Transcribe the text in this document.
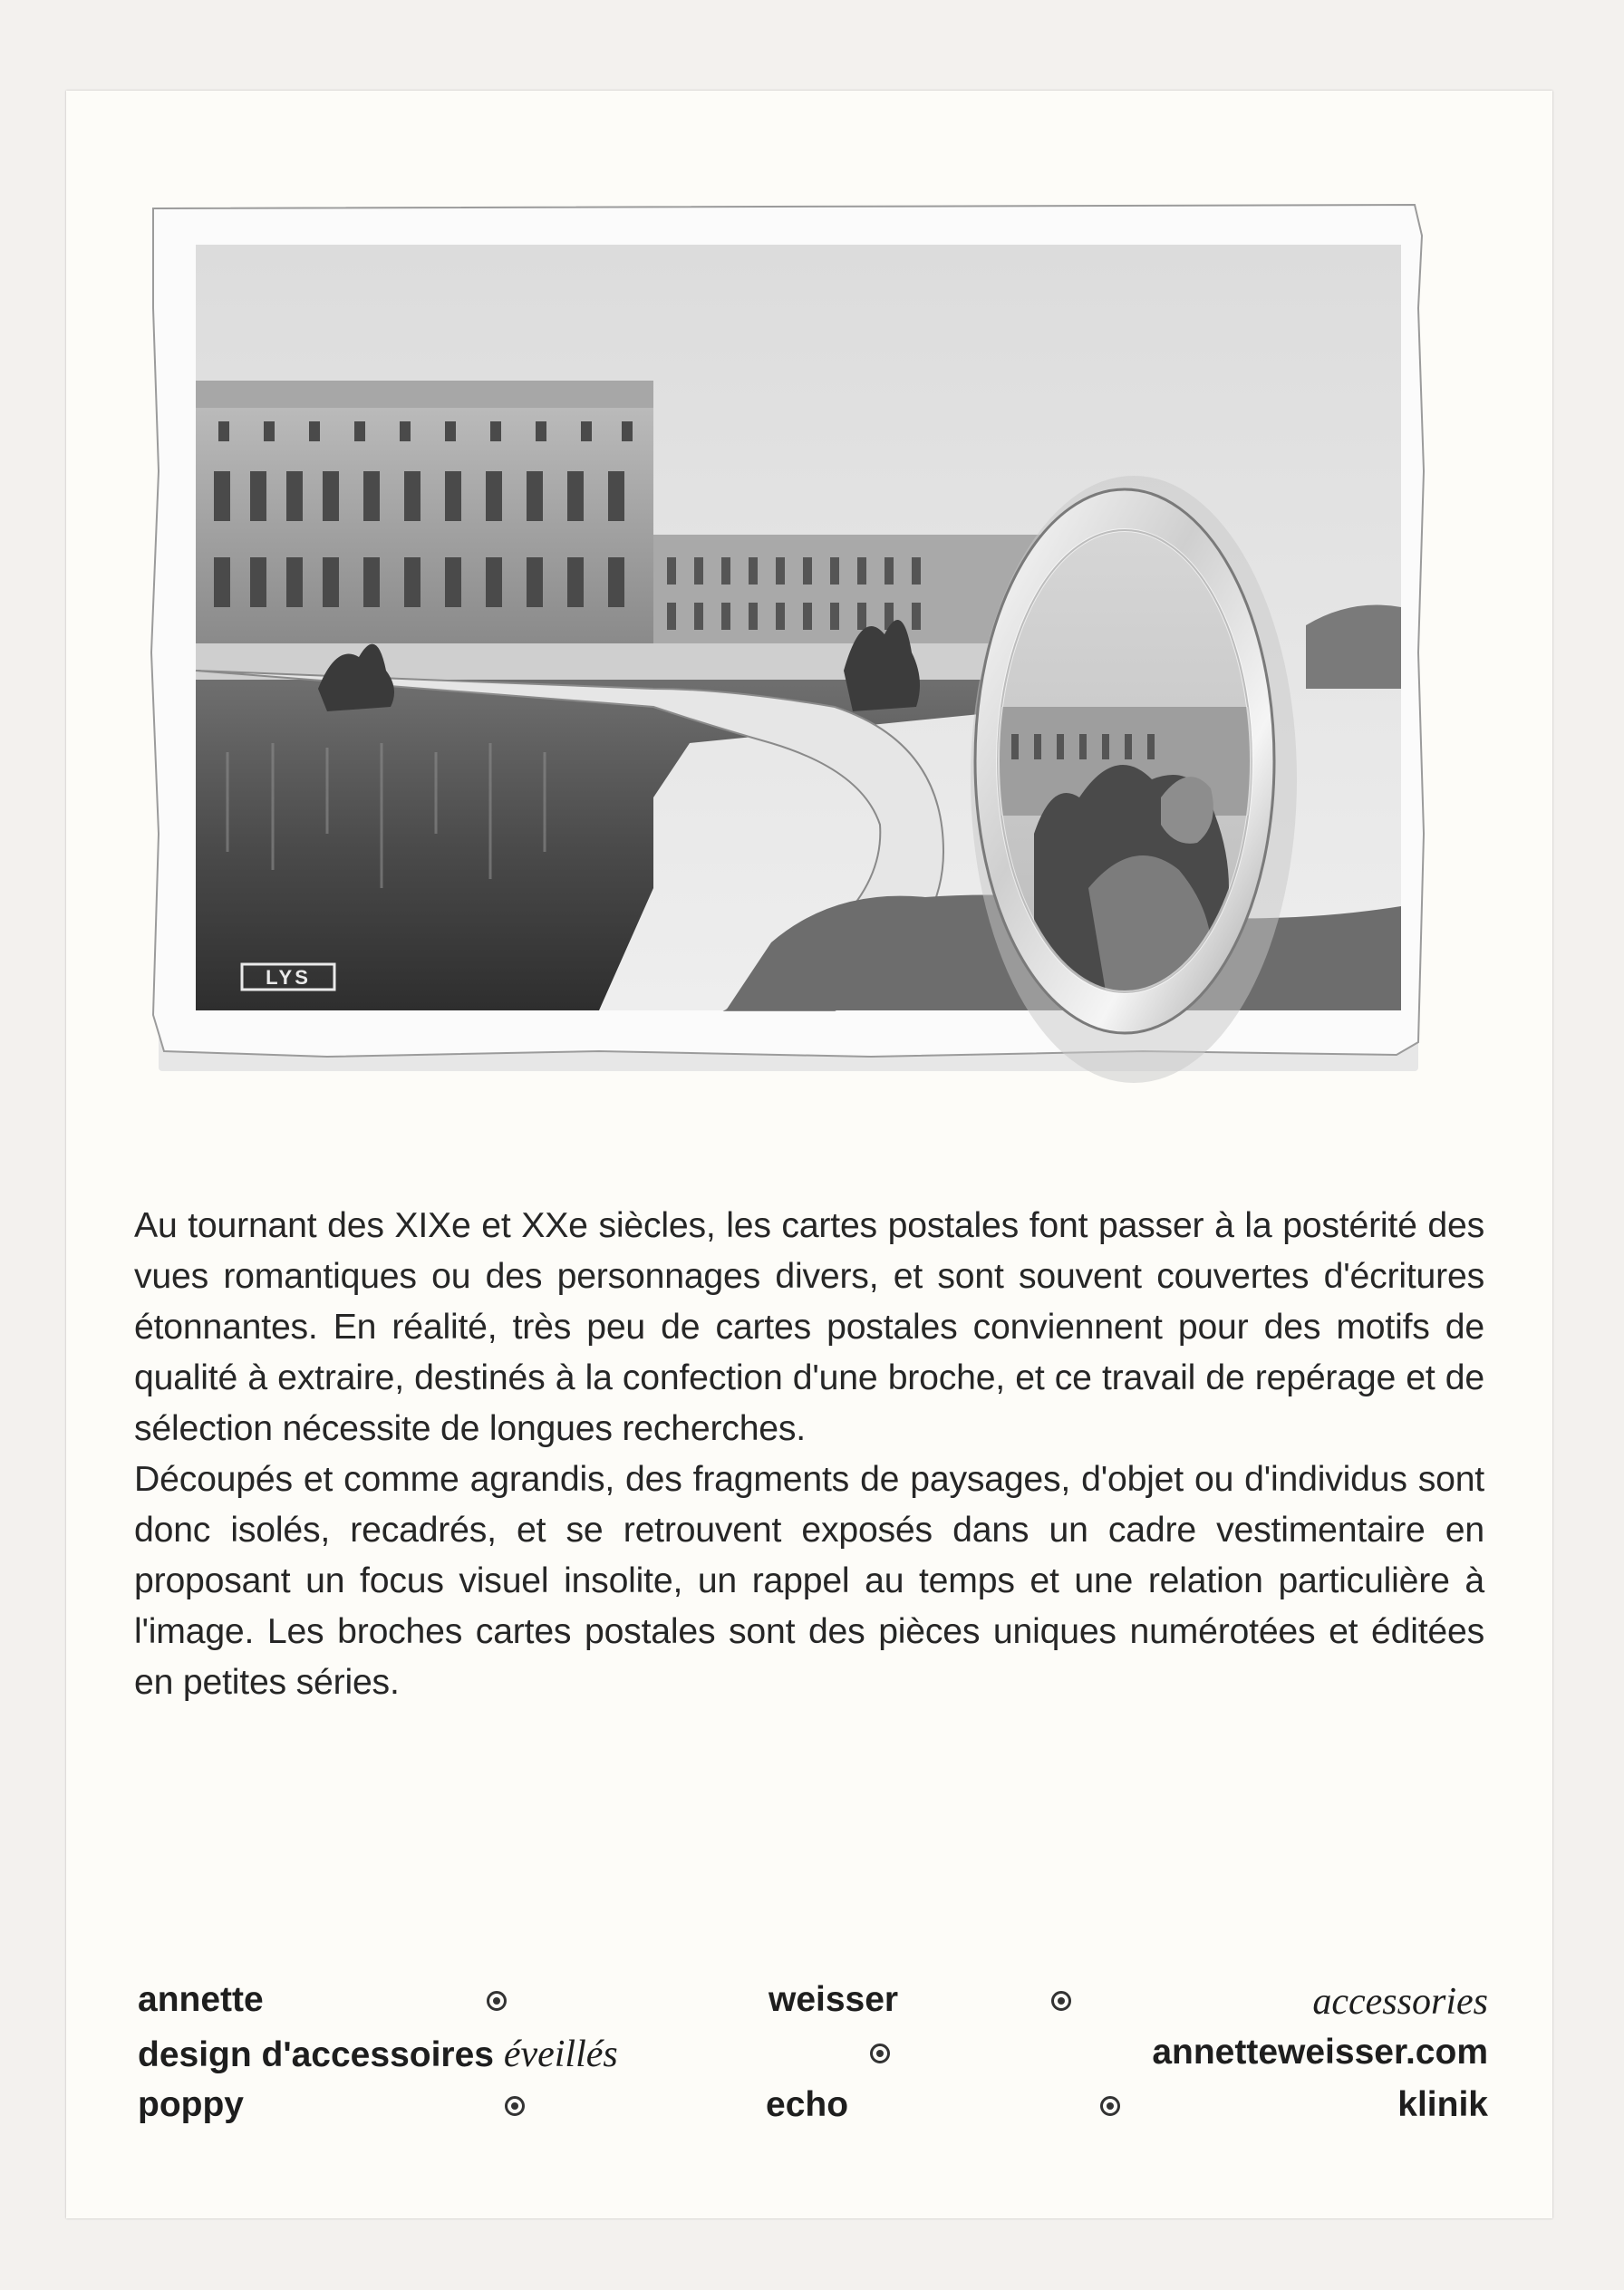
LYS

Au tournant des XIXe et XXe siècles, les cartes postales font passer à la postérité des vues romantiques ou des personnages divers, et sont souvent couvertes d'écritures étonnantes. En réalité, très peu de cartes postales conviennent pour des motifs de qualité à extraire, destinés à la confection d'une broche, et ce travail de repérage et de sélection nécessite de longues recherches.

Découpés et comme agrandis, des fragments de paysages, d'objet ou d'individus sont donc isolés, recadrés, et se retrouvent exposés dans un cadre vestimentaire en proposant un focus visuel insolite, un rappel au temps et une relation particulière à l'image. Les broches cartes postales sont des pièces uniques numérotées et éditées en petites séries.

annette	weisser	accessories
design d'accessoires éveillés	annetteweisser.com
poppy	echo	klinik
